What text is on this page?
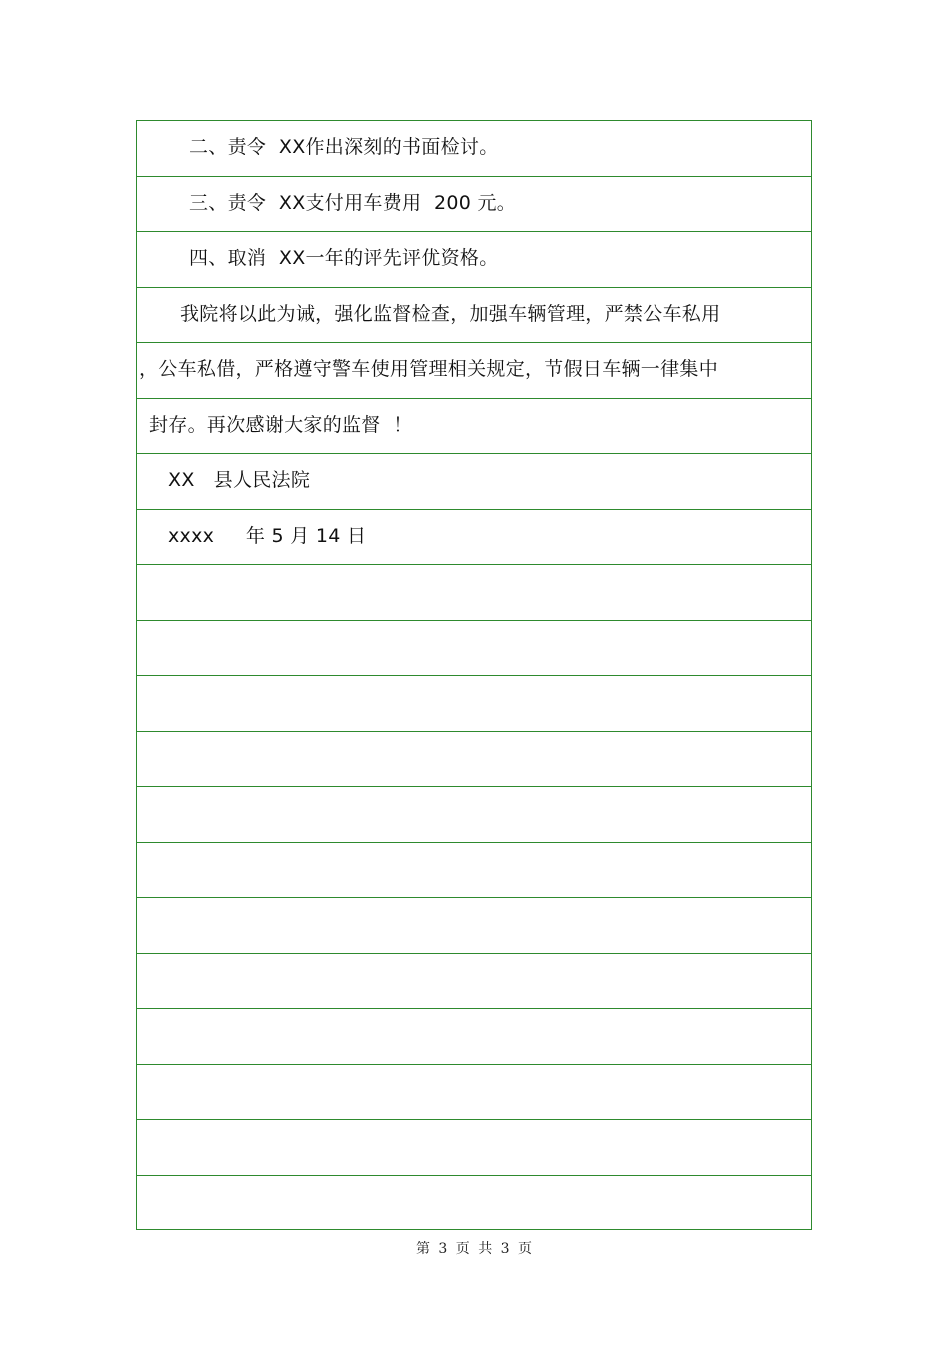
二、责令  XX作出深刻的书面检讨。
三、责令  XX支付用车费用  200 元。
四、取消  XX一年的评先评优资格。
我院将以此为诫，强化监督检查，加强车辆管理，严禁公车私用
，公车私借，严格遵守警车使用管理相关规定，节假日车辆一律集中
封存。再次感谢大家的监督  ！
XX   县人民法院
xxxx     年 5 月 14 日
第 3 页 共 3 页
